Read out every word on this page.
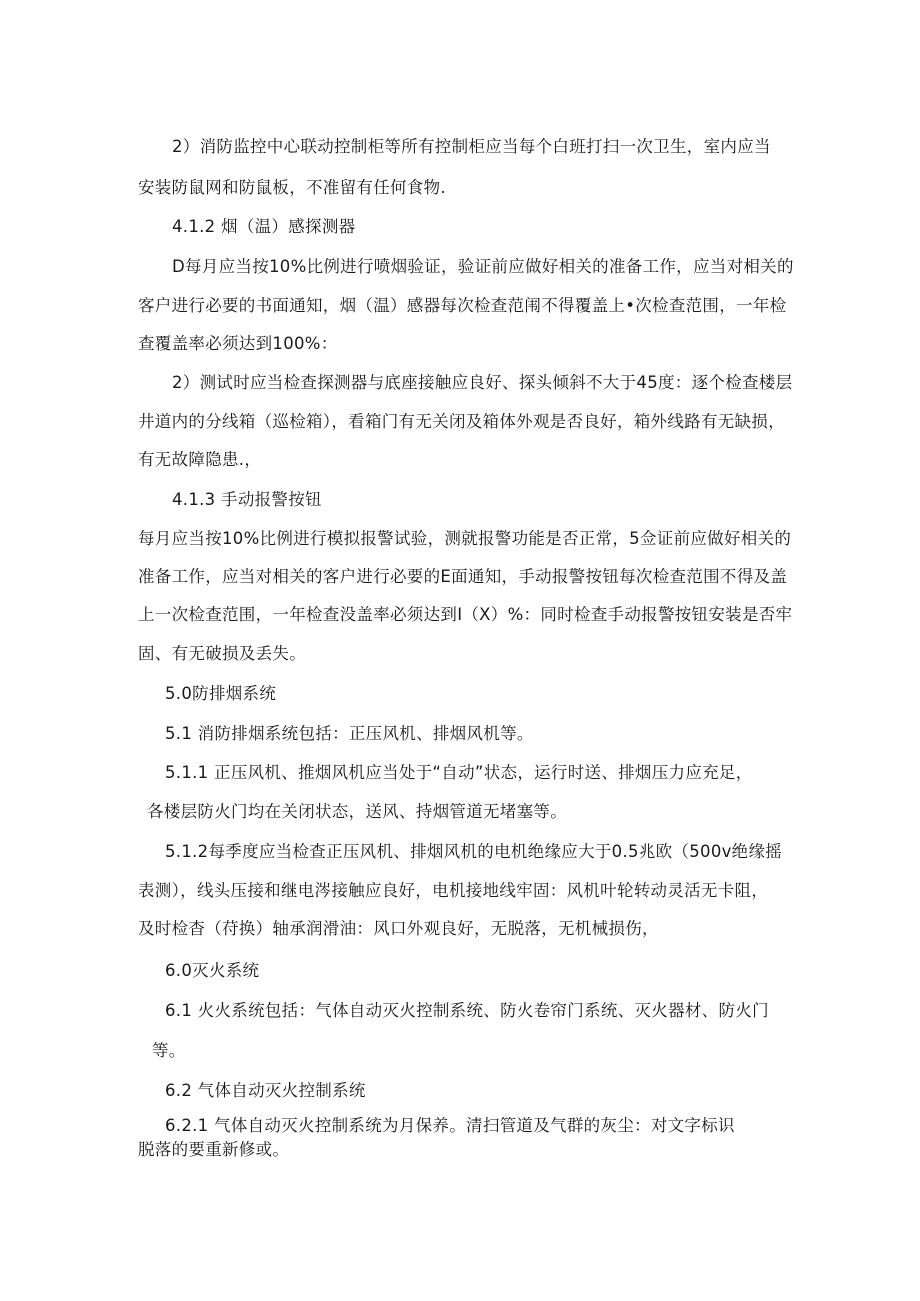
2）消防监控中心联动控制柜等所有控制柜应当每个白班打扫一次卫生，室内应当
安装防鼠网和防鼠板，不准留有任何食物.
4.1.2 烟（温）感探测器
D每月应当按10%比例进行喷烟验证，验证前应做好相关的准备工作，应当对相关的
客户进行必要的书面通知，烟（温）感器每次检查范闱不得覆盖上•次检查范围，一年检
查覆盖率必须达到100%：
2）测试时应当检查探测器与底座接触应良好、探头倾斜不大于45度：逐个检查楼层
井道内的分线箱（巡检箱），看箱门有无关闭及箱体外观是否良好，箱外线路有无缺损，
有无故障隐患.，
4.1.3 手动报警按钮
每月应当按10%比例进行模拟报警试验，测就报警功能是否正常，5佥证前应做好相关的
准备工作，应当对相关的客户进行必要的E面通知，手动报警按钮每次检查范围不得及盖
上一次检查范围，一年检查没盖率必须达到I（X）%：同时检查手动报警按钮安装是否牢
固、有无破损及丢失。
5.0防排烟系统
5.1 消防排烟系统包括：正压风机、排烟风机等。
5.1.1 正压风机、推烟风机应当处于“自动”状态，运行时送、排烟压力应充足，
各楼层防火门均在关闭状态，送风、持烟管道无堵塞等。
5.1.2每季度应当检查正压风机、排烟风机的电机绝缘应大于0.5兆欧（500v绝缘摇
表测），线头压接和继电涔接触应良好，电机接地线牢固：风机叶轮转动灵活无卡阻，
及时检杳（苻换）轴承润滑油：风口外观良好，无脱落，无机械损伤，
6.0灭火系统
6.1 火火系统包括：气体自动灭火控制系统、防火卷帘门系统、灭火器材、防火门
等。
6.2 气体自动灭火控制系统
6.2.1 气体自动灭火控制系统为月保养。清扫管道及气群的灰尘：对文字标识
脱落的要重新修或。
